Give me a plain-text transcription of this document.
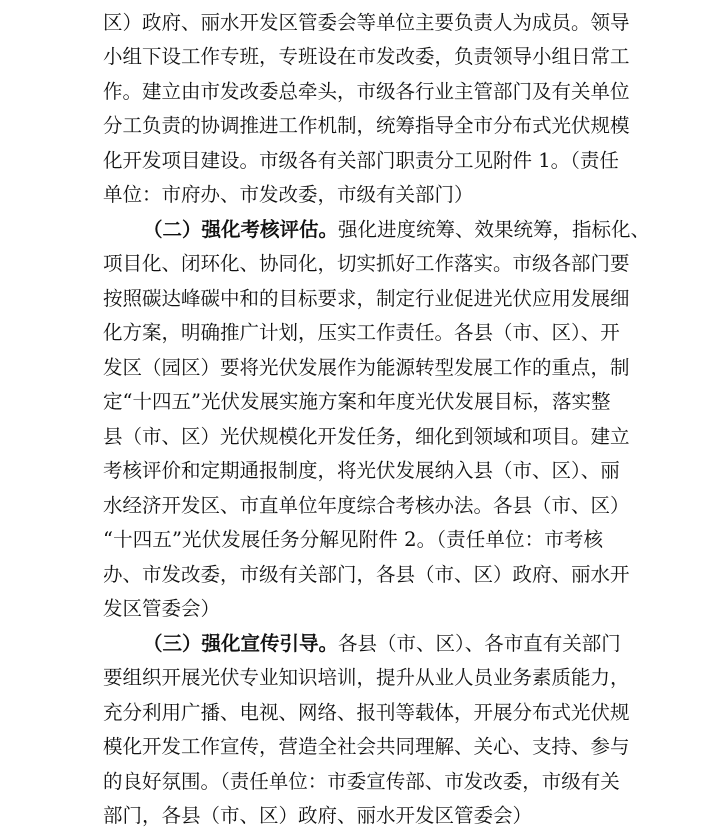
区）政府、丽水开发区管委会等单位主要负责人为成员。领导
小组下设工作专班，专班设在市发改委，负责领导小组日常工
作。建立由市发改委总牵头，市级各行业主管部门及有关单位
分工负责的协调推进工作机制，统筹指导全市分布式光伏规模
化开发项目建设。市级各有关部门职责分工见附件 1。（责任
单位：市府办、市发改委，市级有关部门）
（二）强化考核评估。强化进度统筹、效果统筹，指标化、
项目化、闭环化、协同化，切实抓好工作落实。市级各部门要
按照碳达峰碳中和的目标要求，制定行业促进光伏应用发展细
化方案，明确推广计划，压实工作责任。各县（市、区）、开
发区（园区）要将光伏发展作为能源转型发展工作的重点，制
定“十四五”光伏发展实施方案和年度光伏发展目标，落实整
县（市、区）光伏规模化开发任务，细化到领域和项目。建立
考核评价和定期通报制度，将光伏发展纳入县（市、区）、丽
水经济开发区、市直单位年度综合考核办法。各县（市、区）
“十四五”光伏发展任务分解见附件 2。（责任单位：市考核
办、市发改委，市级有关部门，各县（市、区）政府、丽水开
发区管委会）
（三）强化宣传引导。各县（市、区）、各市直有关部门
要组织开展光伏专业知识培训，提升从业人员业务素质能力，
充分利用广播、电视、网络、报刊等载体，开展分布式光伏规
模化开发工作宣传，营造全社会共同理解、关心、支持、参与
的良好氛围。（责任单位：市委宣传部、市发改委，市级有关
部门，各县（市、区）政府、丽水开发区管委会）
